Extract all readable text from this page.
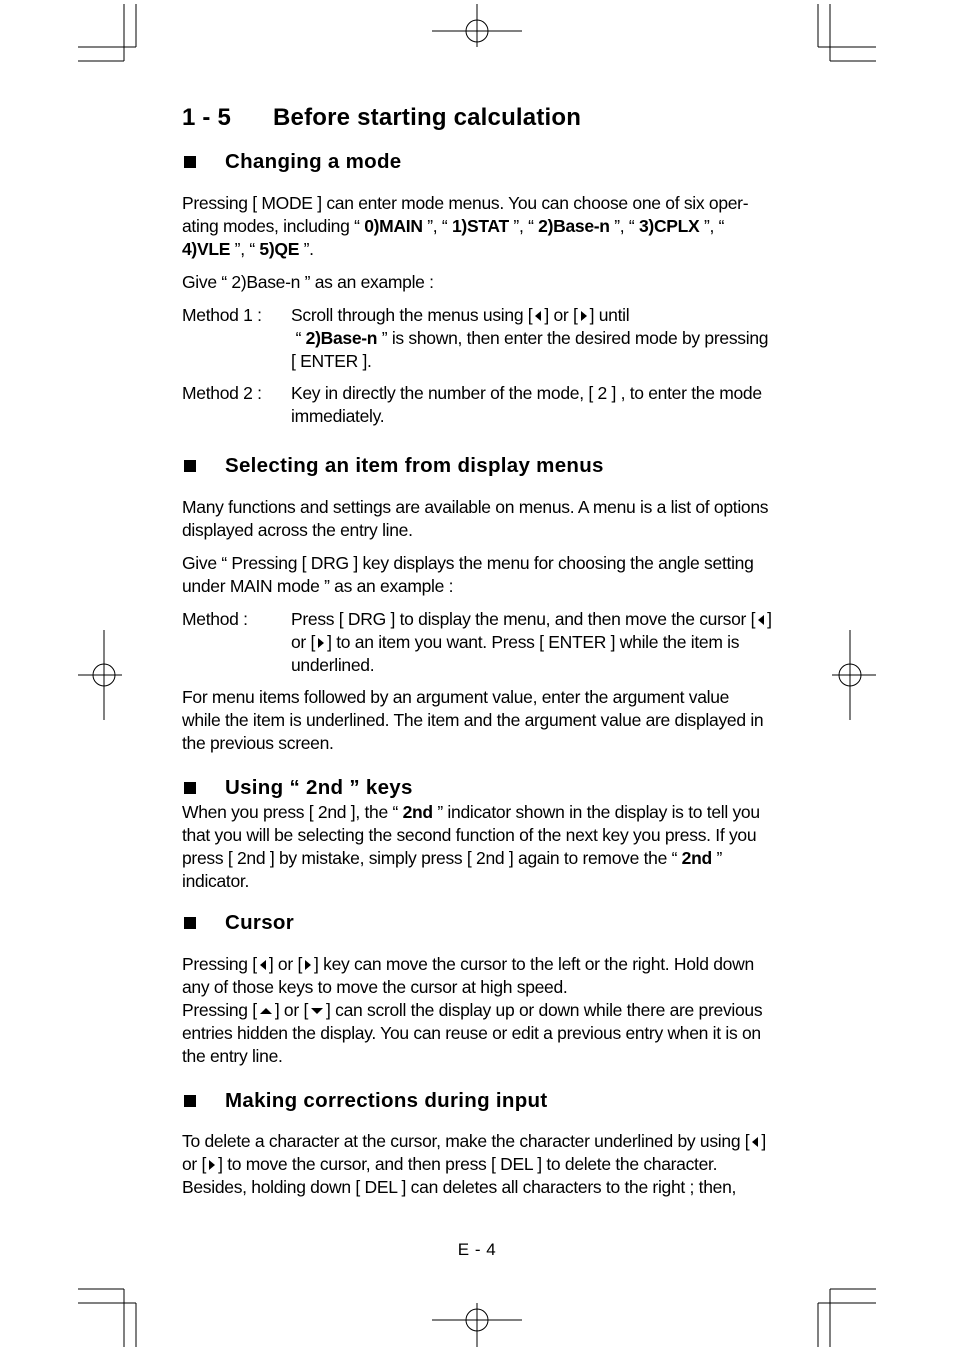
1 - 5 Before starting calculation
Changing a mode

Pressing [ MODE ] can enter mode menus. You can choose one of six oper-ating modes, including “ 0)MAIN ”, “ 1)STAT ”, “ 2)Base-n ”, “ 3)CPLX ”, “ 4)VLE ”, “ 5)QE ”.

Give “ 2)Base-n ” as an example :

Method 1 :	Scroll through the menus using [ ] or [ ] until
“ 2)Base-n ” is shown, then enter the desired mode by pressing [ ENTER ].
Method 2 :	Key in directly the number of the mode, [ 2 ] , to enter the mode immediately.
Selecting an item from display menus

Many functions and settings are available on menus. A menu is a list of options displayed across the entry line.

Give “ Pressing [ DRG ] key displays the menu for choosing the angle setting under MAIN mode ” as an example :

Method :	Press [ DRG ] to display the menu, and then move the cursor [ ] or [ ] to an item you want. Press [ ENTER ] while the item is underlined.

For menu items followed by an argument value, enter the argument value while the item is underlined. The item and the argument value are displayed in the previous screen.

Using “ 2nd ” keys

When you press [ 2nd ], the “ 2nd ” indicator shown in the display is to tell you that you will be selecting the second function of the next key you press. If you press [ 2nd ] by mistake, simply press [ 2nd ] again to remove the “ 2nd ” indicator.

Cursor

Pressing [ ] or [ ] key can move the cursor to the left or the right. Hold down any of those keys to move the cursor at high speed.

Pressing [ ] or [ ] can scroll the display up or down while there are previous entries hidden the display. You can reuse or edit a previous entry when it is on the entry line.

Making corrections during input

To delete a character at the cursor, make the character underlined by using [ ] or [ ] to move the cursor, and then press [ DEL ] to delete the character. Besides, holding down [ DEL ] can deletes all characters to the right ; then,

E - 4
